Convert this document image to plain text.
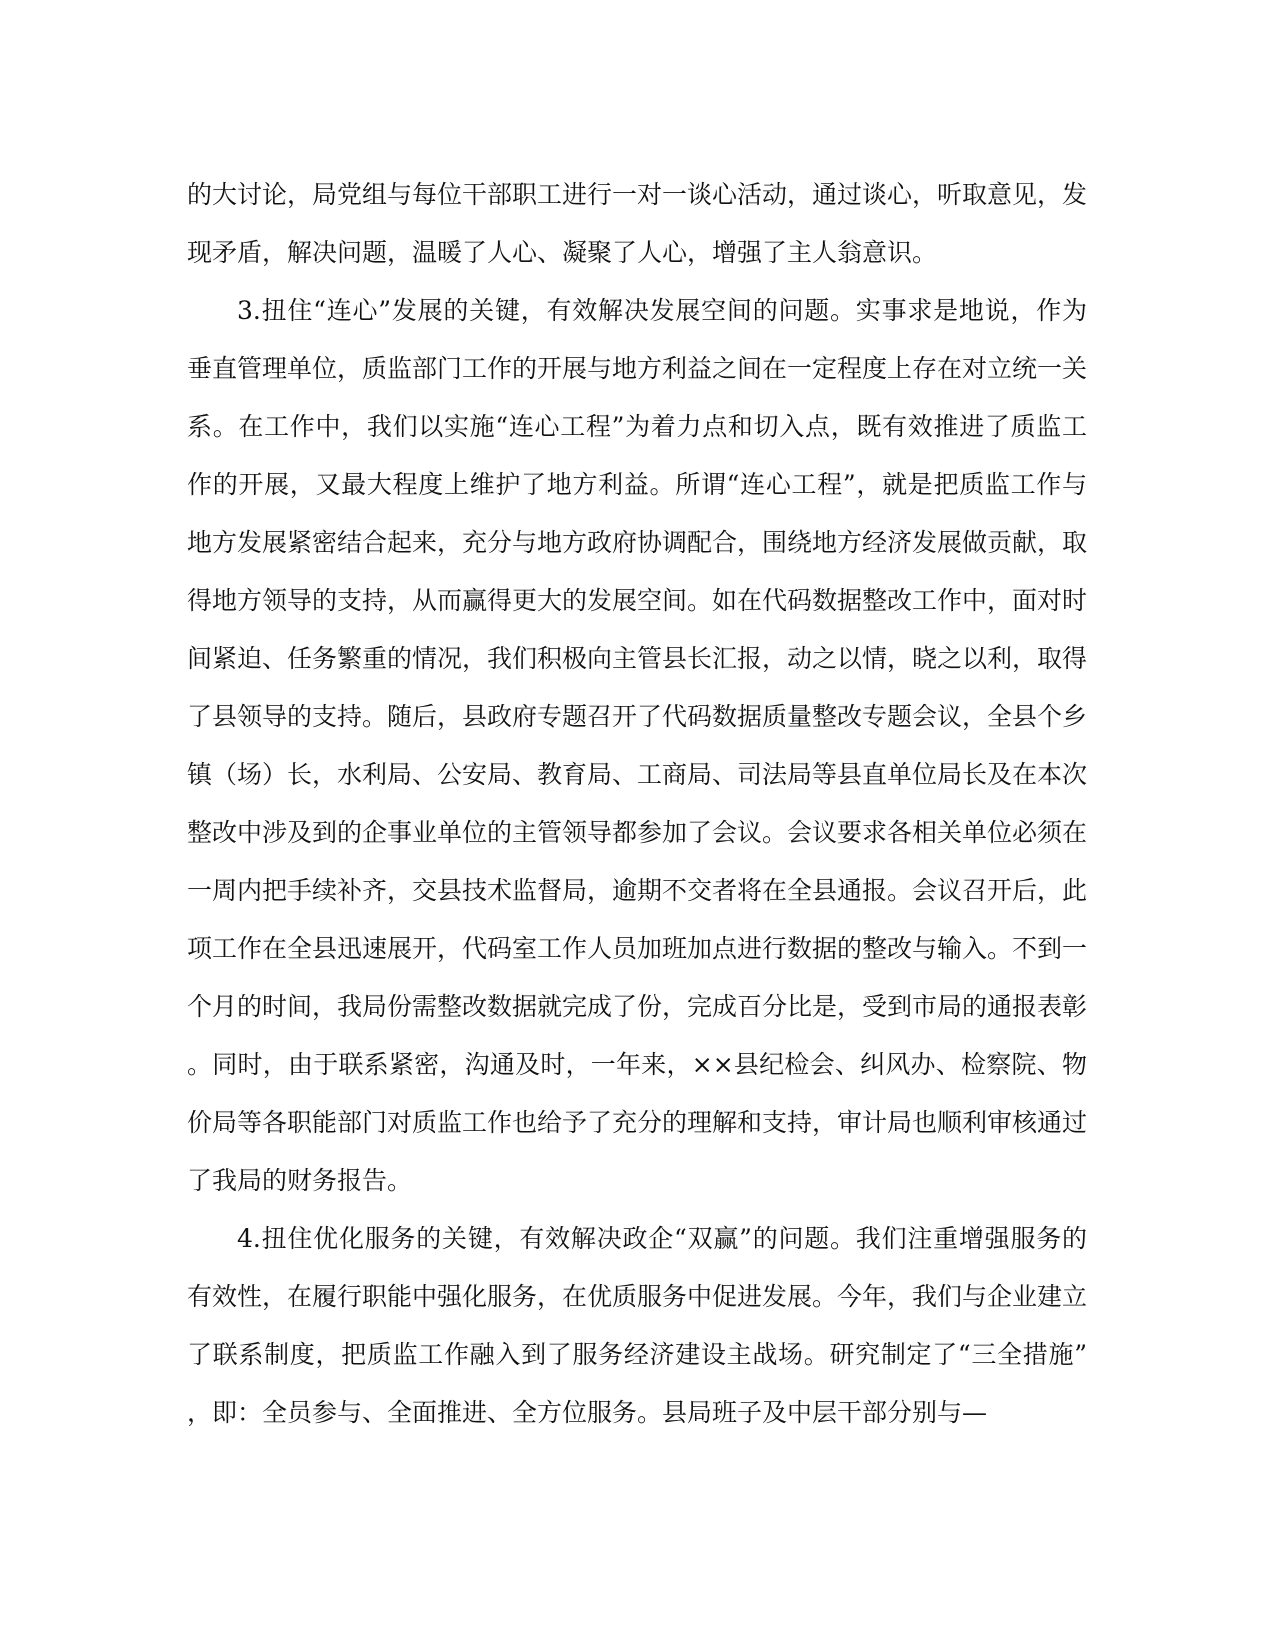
的大讨论，局党组与每位干部职工进行一对一谈心活动，通过谈心，听取意见，发
现矛盾，解决问题，温暖了人心、凝聚了人心，增强了主人翁意识。
3.扭住“连心”发展的关键，有效解决发展空间的问题。实事求是地说，作为
垂直管理单位，质监部门工作的开展与地方利益之间在一定程度上存在对立统一关
系。在工作中，我们以实施“连心工程”为着力点和切入点，既有效推进了质监工
作的开展，又最大程度上维护了地方利益。所谓“连心工程”，就是把质监工作与
地方发展紧密结合起来，充分与地方政府协调配合，围绕地方经济发展做贡献，取
得地方领导的支持，从而赢得更大的发展空间。如在代码数据整改工作中，面对时
间紧迫、任务繁重的情况，我们积极向主管县长汇报，动之以情，晓之以利，取得
了县领导的支持。随后，县政府专题召开了代码数据质量整改专题会议，全县个乡
镇（场）长，水利局、公安局、教育局、工商局、司法局等县直单位局长及在本次
整改中涉及到的企事业单位的主管领导都参加了会议。会议要求各相关单位必须在
一周内把手续补齐，交县技术监督局，逾期不交者将在全县通报。会议召开后，此
项工作在全县迅速展开，代码室工作人员加班加点进行数据的整改与输入。不到一
个月的时间，我局份需整改数据就完成了份，完成百分比是，受到市局的通报表彰
。同时，由于联系紧密，沟通及时，一年来，××县纪检会、纠风办、检察院、物
价局等各职能部门对质监工作也给予了充分的理解和支持，审计局也顺利审核通过
了我局的财务报告。
4.扭住优化服务的关键，有效解决政企“双赢”的问题。我们注重增强服务的
有效性，在履行职能中强化服务，在优质服务中促进发展。今年，我们与企业建立
了联系制度，把质监工作融入到了服务经济建设主战场。研究制定了“三全措施”
，即：全员参与、全面推进、全方位服务。县局班子及中层干部分别与—
